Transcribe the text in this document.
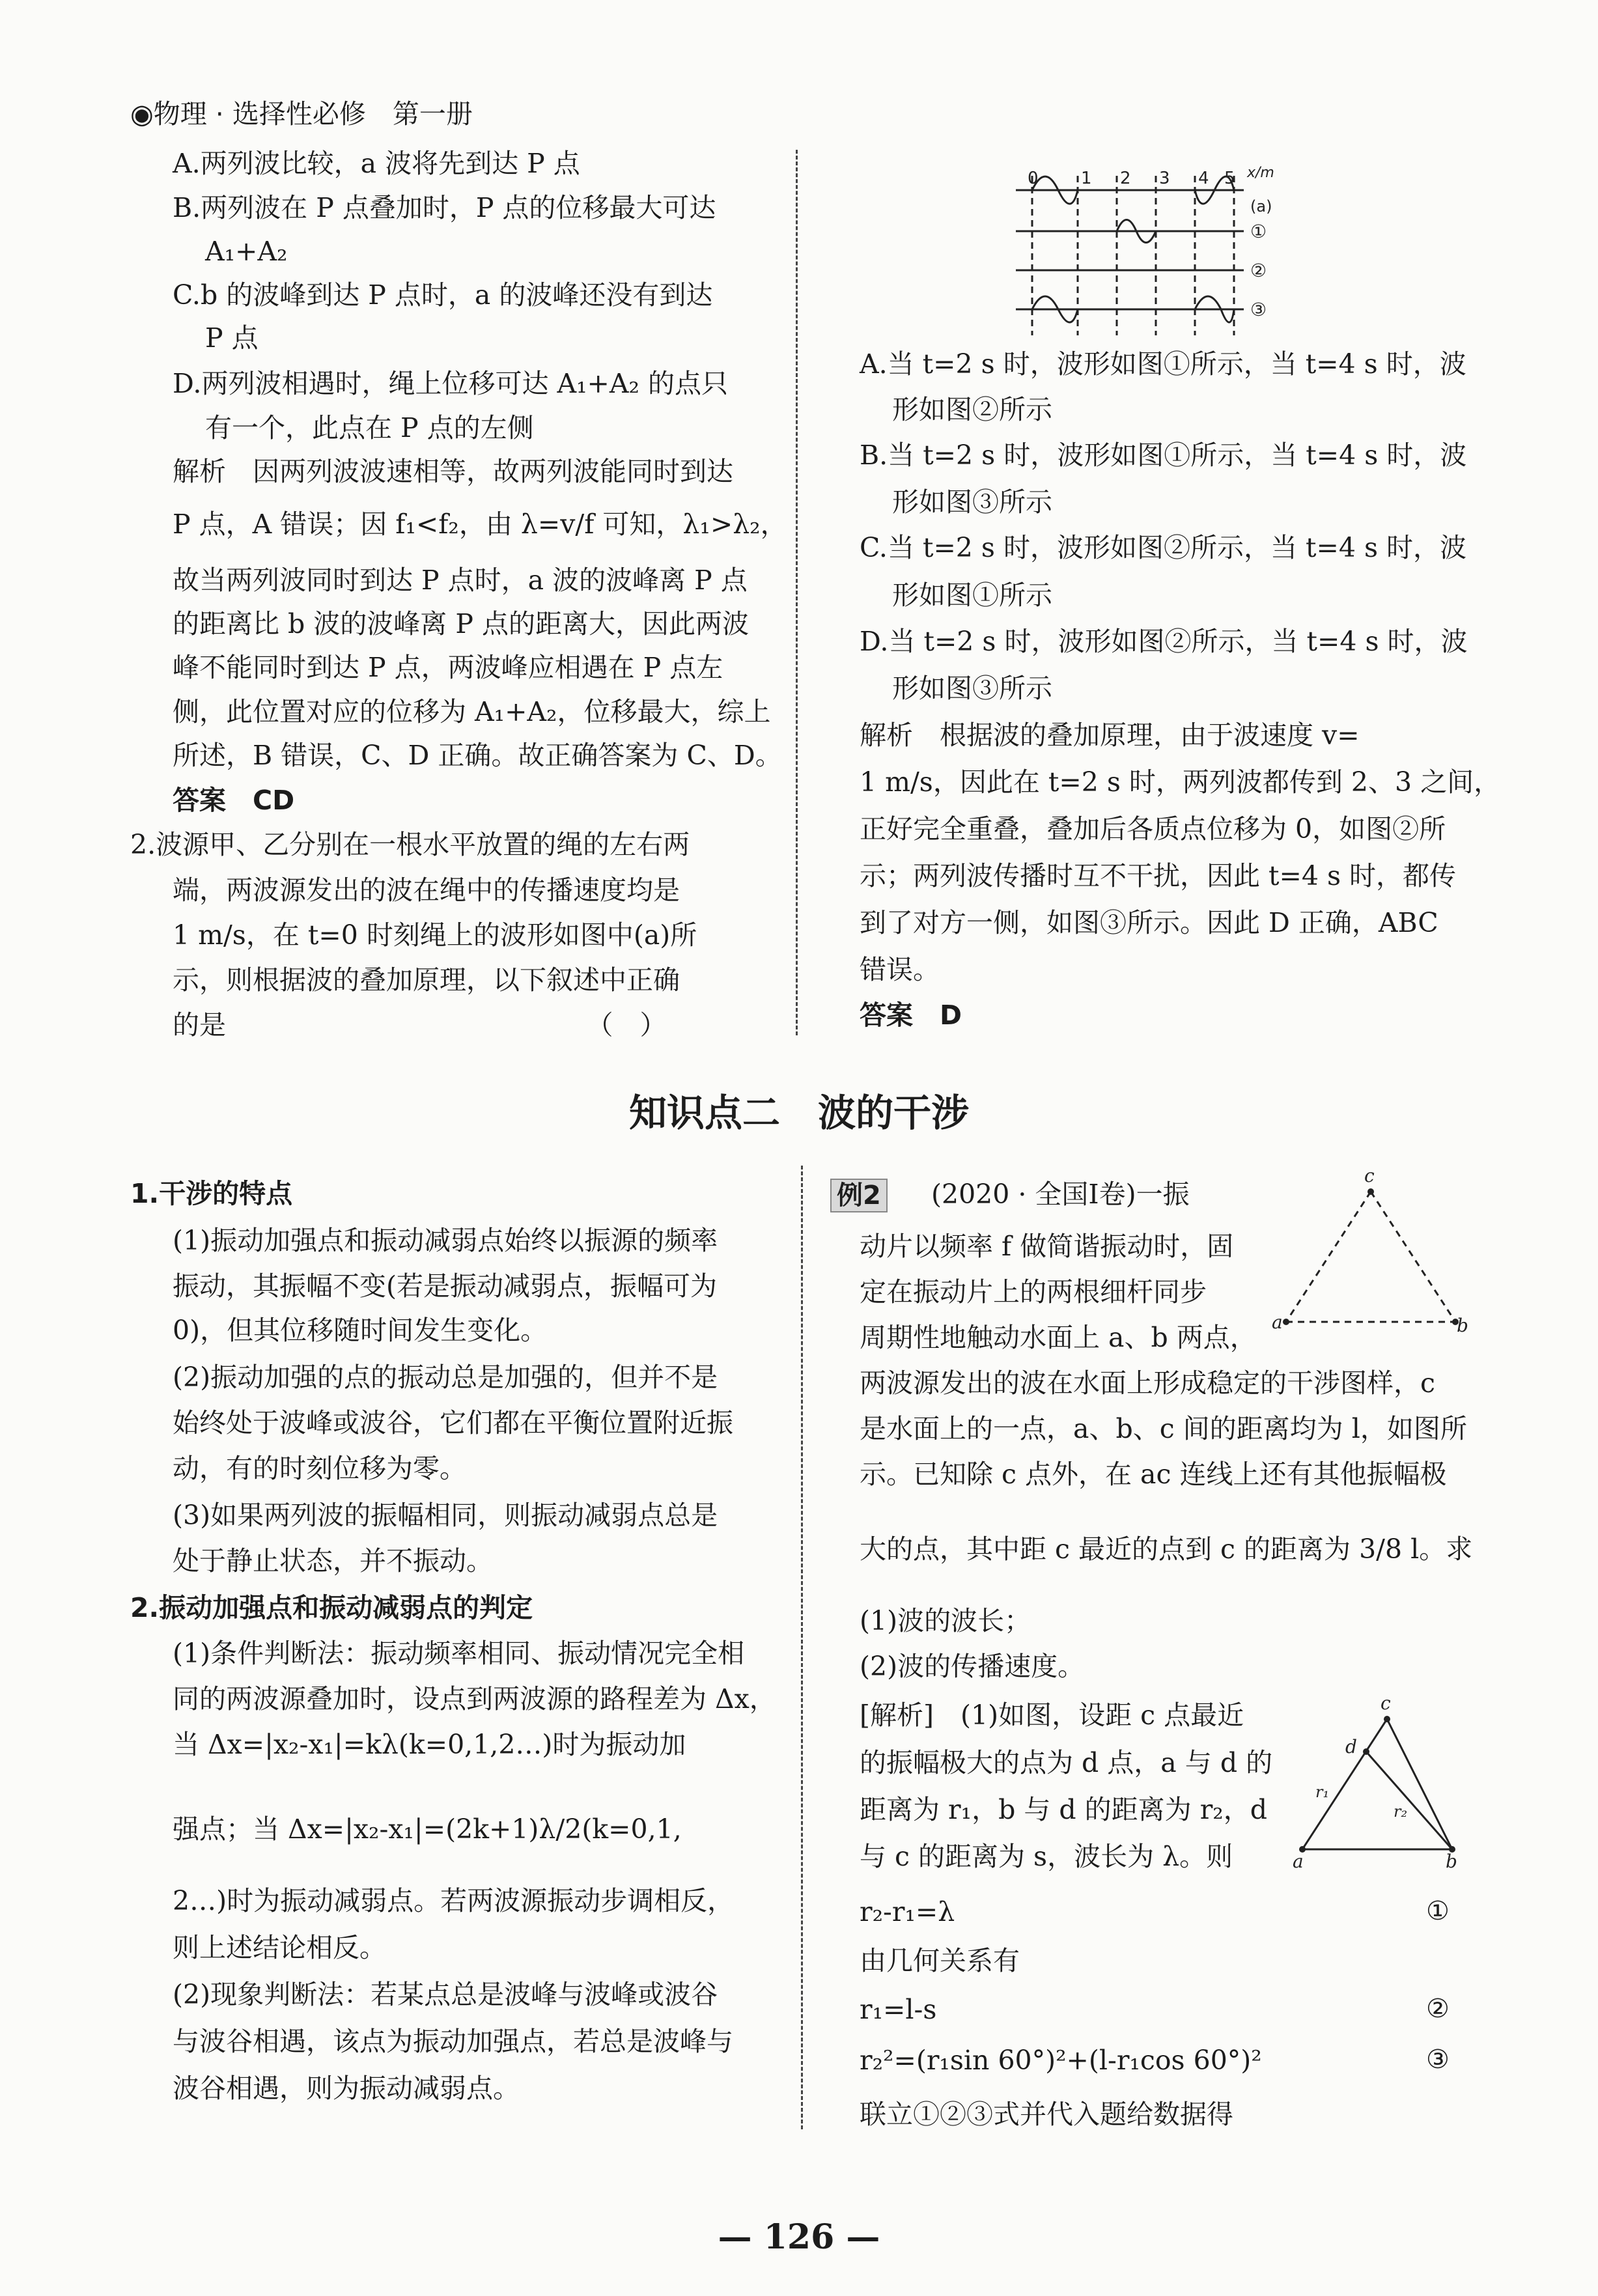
◉物理 · 选择性必修　第一册
A.两列波比较，a 波将先到达 P 点
B.两列波在 P 点叠加时，P 点的位移最大可达
A₁+A₂
C.b 的波峰到达 P 点时，a 的波峰还没有到达
P 点
D.两列波相遇时，绳上位移可达 A₁+A₂ 的点只
有一个，此点在 P 点的左侧
解析　因两列波波速相等，故两列波能同时到达
P 点，A 错误；因 f₁<f₂，由 λ=v/f 可知，λ₁>λ₂，
故当两列波同时到达 P 点时，a 波的波峰离 P 点
的距离比 b 波的波峰离 P 点的距离大，因此两波
峰不能同时到达 P 点，两波峰应相遇在 P 点左
侧，此位置对应的位移为 A₁+A₂，位移最大，综上
所述，B 错误，C、D 正确。故正确答案为 C、D。
答案　CD
2.波源甲、乙分别在一根水平放置的绳的左右两
端，两波源发出的波在绳中的传播速度均是
1 m/s，在 t=0 时刻绳上的波形如图中(a)所
示，则根据波的叠加原理，以下叙述中正确
的是　　　　　　　　　　　　　　（　）
0	1 2 3 4 5 x/m
(a)
①
②
③
A.当 t=2 s 时，波形如图①所示，当 t=4 s 时，波
形如图②所示
B.当 t=2 s 时，波形如图①所示，当 t=4 s 时，波
形如图③所示
C.当 t=2 s 时，波形如图②所示，当 t=4 s 时，波
形如图①所示
D.当 t=2 s 时，波形如图②所示，当 t=4 s 时，波
形如图③所示
解析　根据波的叠加原理，由于波速度 v=
1 m/s，因此在 t=2 s 时，两列波都传到 2、3 之间，
正好完全重叠，叠加后各质点位移为 0，如图②所
示；两列波传播时互不干扰，因此 t=4 s 时，都传
到了对方一侧，如图③所示。因此 D 正确，ABC
错误。
答案　D
知识点二　波的干涉
1.干涉的特点
(1)振动加强点和振动减弱点始终以振源的频率
振动，其振幅不变(若是振动减弱点，振幅可为
0)，但其位移随时间发生变化。
(2)振动加强的点的振动总是加强的，但并不是
始终处于波峰或波谷，它们都在平衡位置附近振
动，有的时刻位移为零。
(3)如果两列波的振幅相同，则振动减弱点总是
处于静止状态，并不振动。
2.振动加强点和振动减弱点的判定
(1)条件判断法：振动频率相同、振动情况完全相
同的两波源叠加时，设点到两波源的路程差为 Δx，
当 Δx=|x₂-x₁|=kλ(k=0,1,2…)时为振动加
强点；当 Δx=|x₂-x₁|=(2k+1)λ/2(k=0,1,
2…)时为振动减弱点。若两波源振动步调相反，
则上述结论相反。
(2)现象判断法：若某点总是波峰与波峰或波谷
与波谷相遇，该点为振动加强点，若总是波峰与
波谷相遇，则为振动减弱点。
例2 (2020 · 全国Ⅰ卷)一振
动片以频率 f 做简谐振动时，固
定在振动片上的两根细杆同步
周期性地触动水面上 a、b 两点，
两波源发出的波在水面上形成稳定的干涉图样，c
是水面上的一点，a、b、c 间的距离均为 l，如图所
示。已知除 c 点外，在 ac 连线上还有其他振幅极
大的点，其中距 c 最近的点到 c 的距离为 3/8 l。求
(1)波的波长；
(2)波的传播速度。
[解析]　(1)如图，设距 c 点最近
的振幅极大的点为 d 点，a 与 d 的
距离为 r₁，b 与 d 的距离为 r₂，d
与 c 的距离为 s，波长为 λ。则
r₂-r₁=λ
由几何关系有
r₁=l-s
r₂²=(r₁sin 60°)²+(l-r₁cos 60°)²
联立①②③式并代入题给数据得
①
②
③
c
a	b
c
d
r₁
r₂
a	b
— 126 —
